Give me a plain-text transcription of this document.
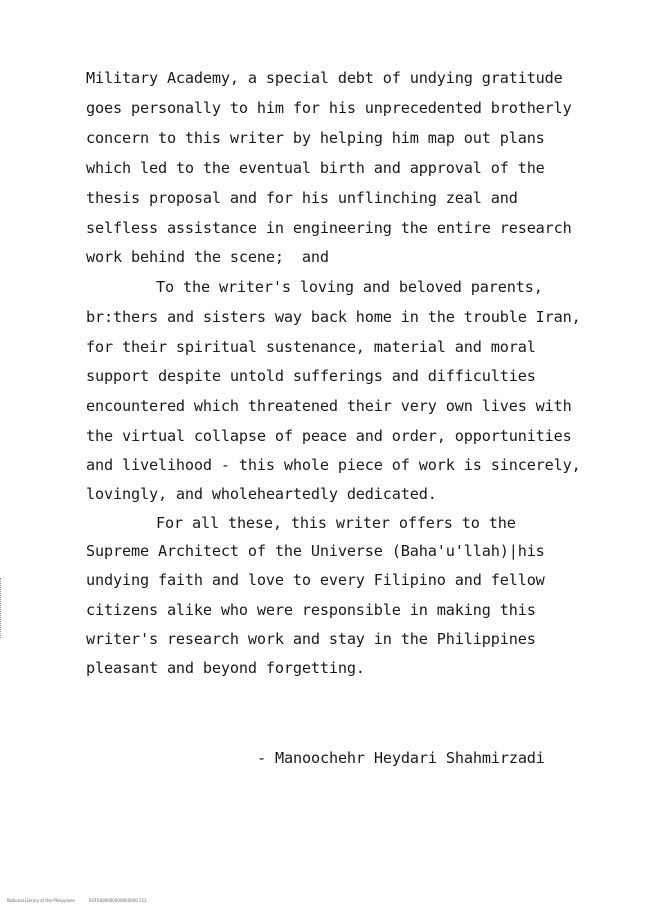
Military Academy, a special debt of undying gratitude

goes personally to him for his unprecedented brotherly

concern to this writer by helping him map out plans

which led to the eventual birth and approval of the

thesis proposal and for his unflinching zeal and

selfless assistance in engineering the entire research

work behind the scene;  and

To the writer's loving and beloved parents,

br:thers and sisters way back home in the trouble Iran,

for their spiritual sustenance, material and moral

support despite untold sufferings and difficulties

encountered which threatened their very own lives with

the virtual collapse of peace and order, opportunities

and livelihood - this whole piece of work is sincerely,

lovingly, and wholeheartedly dedicated.

For all these, this writer offers to the

Supreme Architect of the Universe (Baha'u'llah)|his

undying faith and love to every Filipino and fellow

citizens alike who were responsible in making this

writer's research work and stay in the Philippines

pleasant and beyond forgetting.

- Manoochehr Heydari Shahmirzadi

National Library of the Philippines	ROF0000000000000000 112
